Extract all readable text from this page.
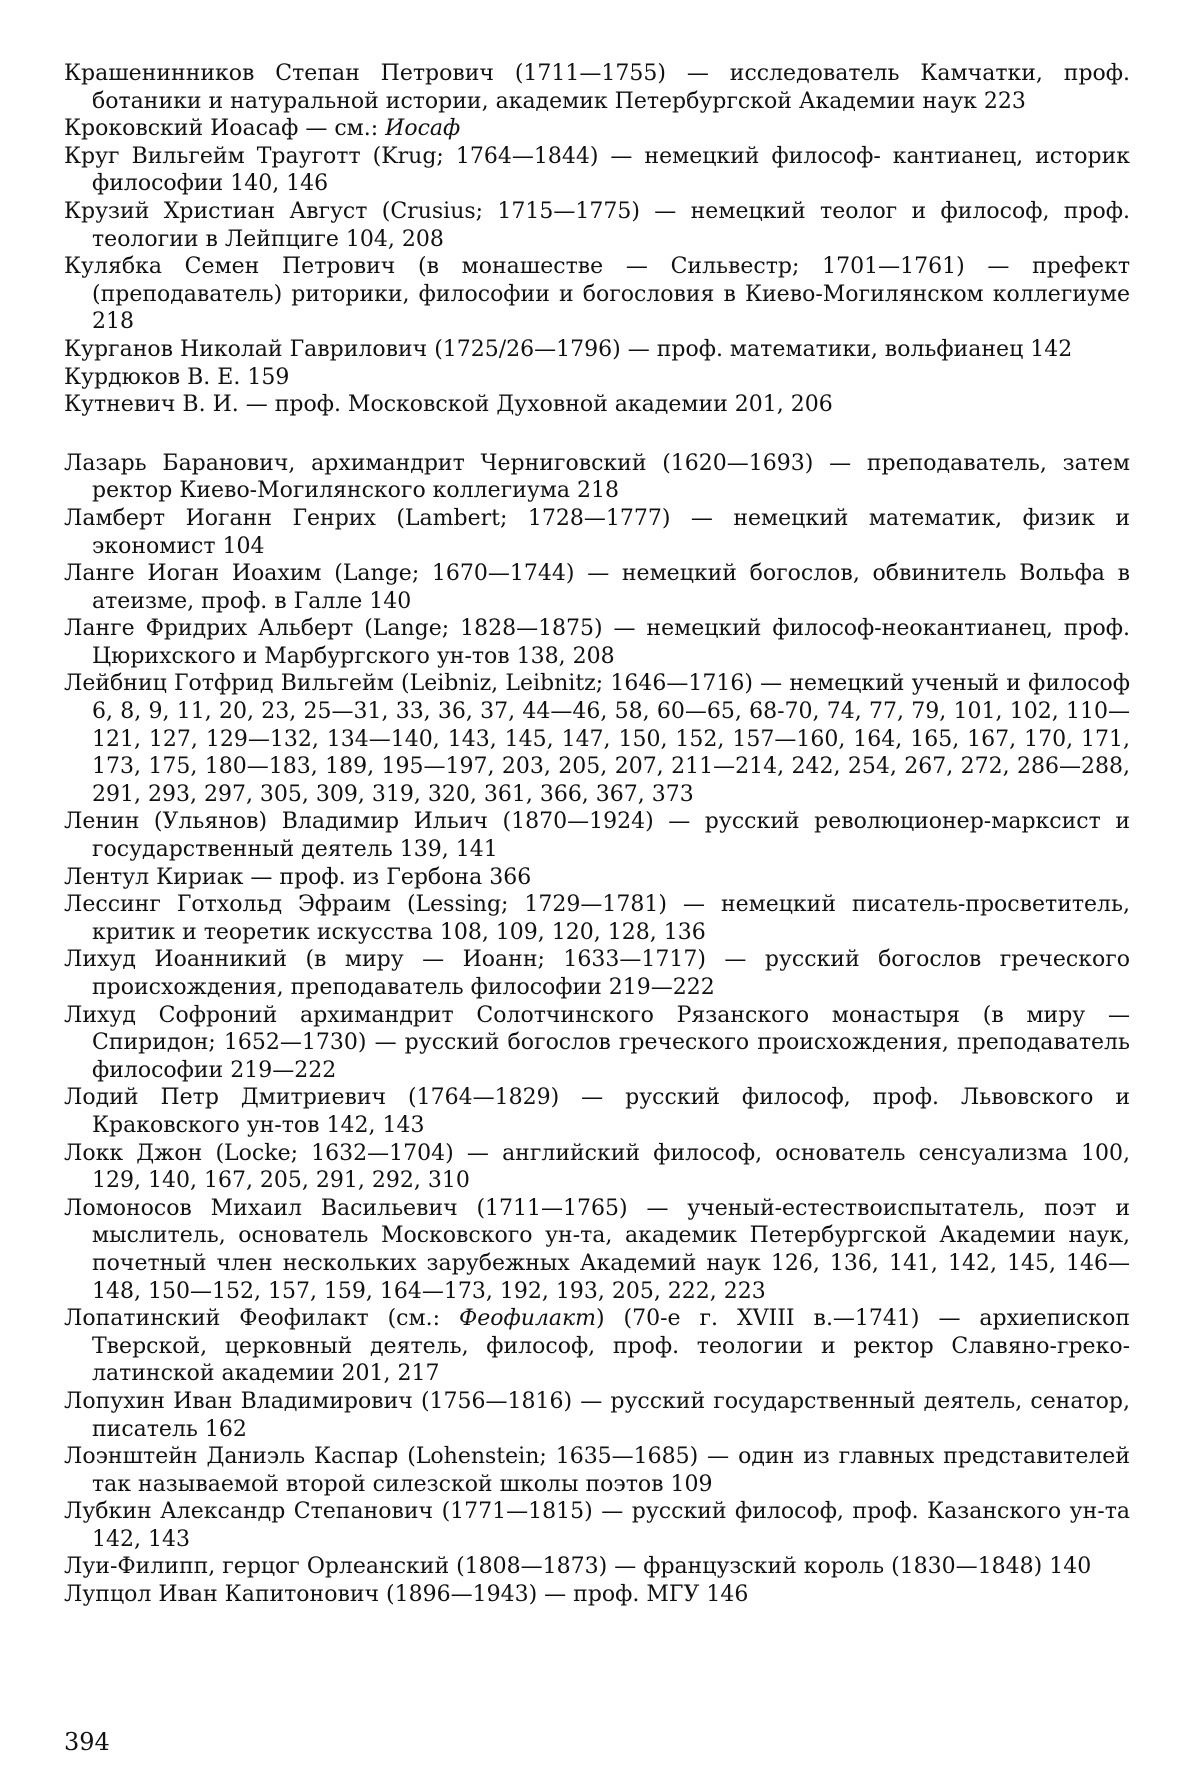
Крашенинников Степан Петрович (1711—1755) — исследователь Камчатки, проф. ботаники и натуральной истории, академик Петербургской Академии наук 223

Кроковский Иоасаф — см.: Иосаф

Круг Вильгейм Трауготт (Krug; 1764—1844) — немецкий философ- кантианец, историк философии 140, 146

Крузий Христиан Август (Crusius; 1715—1775) — немецкий теолог и философ, проф. теологии в Лейпциге 104, 208

Кулябка Семен Петрович (в монашестве — Сильвестр; 1701—1761) — префект (преподаватель) риторики, философии и богословия в Киево-Могилянском коллегиуме 218

Курганов Николай Гаврилович (1725/26—1796) — проф. математики, вольфианец 142

Курдюков В. Е. 159

Кутневич В. И. — проф. Московской Духовной академии 201, 206

Лазарь Баранович, архимандрит Черниговский (1620—1693) — преподаватель, затем ректор Киево-Могилянского коллегиума 218

Ламберт Иоганн Генрих (Lambert; 1728—1777) — немецкий математик, физик и экономист 104

Ланге Иоган Иоахим (Lange; 1670—1744) — немецкий богослов, обвинитель Вольфа в атеизме, проф. в Галле 140

Ланге Фридрих Альберт (Lange; 1828—1875) — немецкий философ-неокантианец, проф. Цюрихского и Марбургского ун-тов 138, 208

Лейбниц Готфрид Вильгейм (Leibniz, Leibnitz; 1646—1716) — немецкий ученый и философ 6, 8, 9, 11, 20, 23, 25—31, 33, 36, 37, 44—46, 58, 60—65, 68-70, 74, 77, 79, 101, 102, 110—121, 127, 129—132, 134—140, 143, 145, 147, 150, 152, 157—160, 164, 165, 167, 170, 171, 173, 175, 180—183, 189, 195—197, 203, 205, 207, 211—214, 242, 254, 267, 272, 286—288, 291, 293, 297, 305, 309, 319, 320, 361, 366, 367, 373

Ленин (Ульянов) Владимир Ильич (1870—1924) — русский революционер-марксист и государственный деятель 139, 141

Лентул Кириак — проф. из Гербона 366

Лессинг Готхольд Эфраим (Lessing; 1729—1781) — немецкий писатель-просветитель, критик и теоретик искусства 108, 109, 120, 128, 136

Лихуд Иоанникий (в миру — Иоанн; 1633—1717) — русский богослов греческого происхождения, преподаватель философии 219—222

Лихуд Софроний архимандрит Солотчинского Рязанского монастыря (в миру — Спиридон; 1652—1730) — русский богослов греческого происхождения, преподаватель философии 219—222

Лодий Петр Дмитриевич (1764—1829) — русский философ, проф. Львовского и Краковского ун-тов 142, 143

Локк Джон (Locke; 1632—1704) — английский философ, основатель сенсуализма 100, 129, 140, 167, 205, 291, 292, 310

Ломоносов Михаил Васильевич (1711—1765) — ученый-естествоиспытатель, поэт и мыслитель, основатель Московского ун-та, академик Петербургской Академии наук, почетный член нескольких зарубежных Академий наук 126, 136, 141, 142, 145, 146—148, 150—152, 157, 159, 164—173, 192, 193, 205, 222, 223

Лопатинский Феофилакт (см.: Феофилакт) (70-е г. XVIII в.—1741) — архиепископ Тверской, церковный деятель, философ, проф. теологии и ректор Славяно-греко-латинской академии 201, 217

Лопухин Иван Владимирович (1756—1816) — русский государственный деятель, сенатор, писатель 162

Лоэнштейн Даниэль Каспар (Lohenstein; 1635—1685) — один из главных представителей так называемой второй силезской школы поэтов 109

Лубкин Александр Степанович (1771—1815) — русский философ, проф. Казанского ун-та 142, 143

Луи-Филипп, герцог Орлеанский (1808—1873) — французский король (1830—1848) 140

Лупцол Иван Капитонович (1896—1943) — проф. МГУ 146

394
